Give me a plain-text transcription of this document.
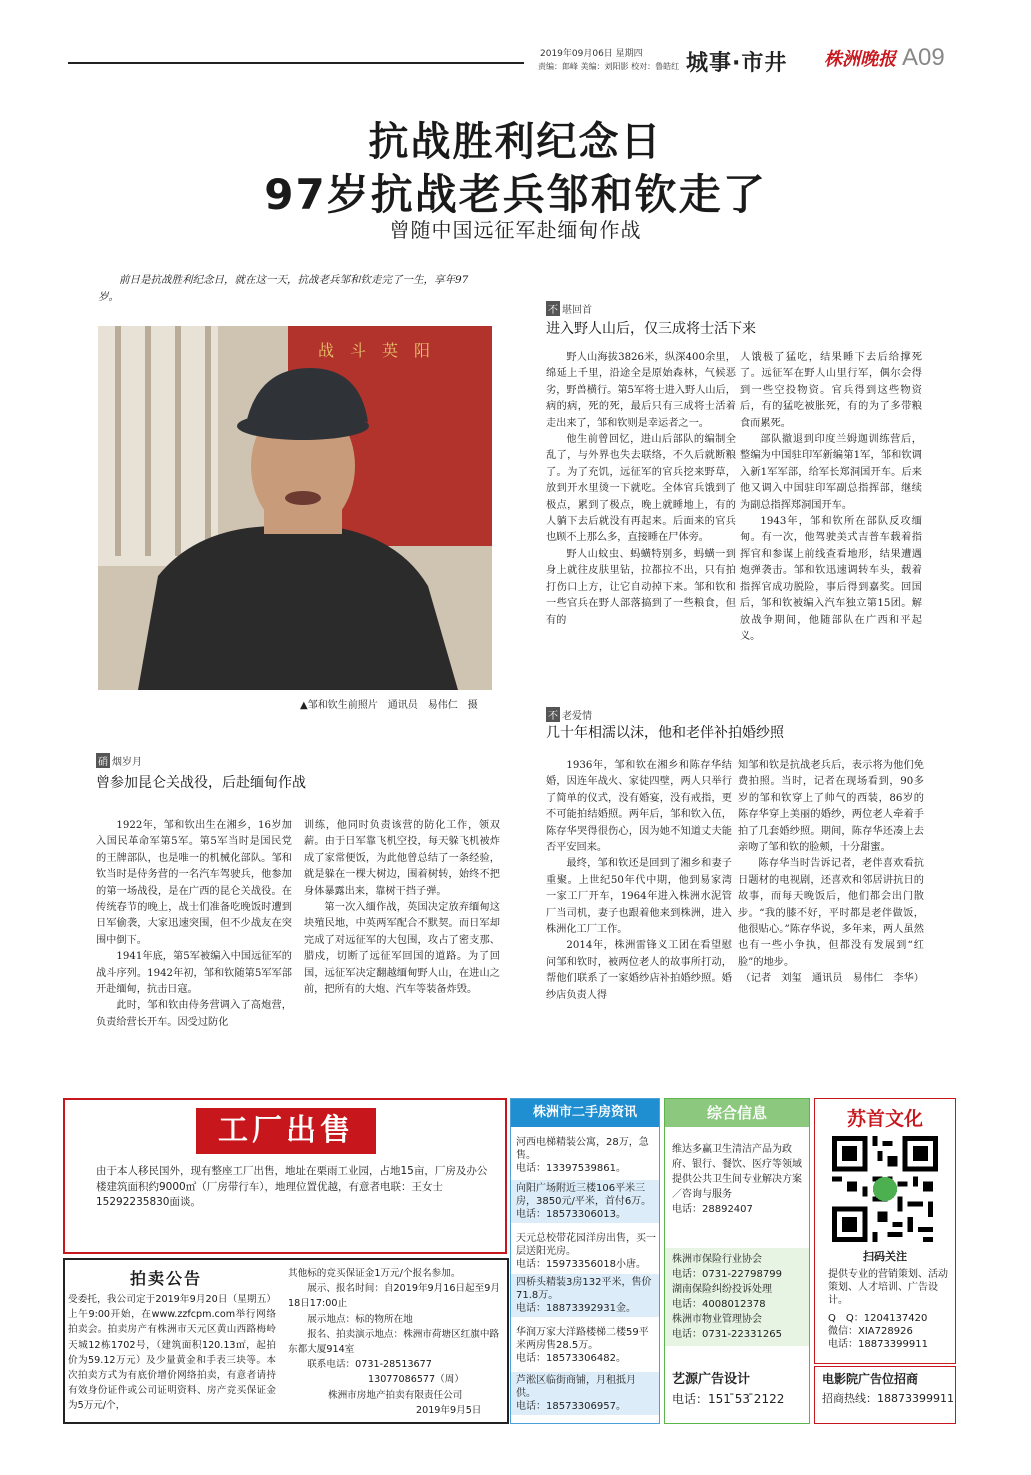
2019年09月06日 星期四
责编：郎峰 美编：刘阳影 校对：鲁皓红 城事·市井 株洲晚报 A09
抗战胜利纪念日
97岁抗战老兵邹和钦走了
曾随中国远征军赴缅甸作战
前日是抗战胜利纪念日，就在这一天，抗战老兵邹和钦走完了一生，享年97岁。
战　斗　英　阳
▲邹和钦生前照片　通讯员　易伟仁　摄
不 堪回首
进入野人山后，仅三成将士活下来

野人山海拔3826米，纵深400余里，绵延上千里，沿途全是原始森林，气候恶劣，野兽横行。第5军将士进入野人山后，病的病，死的死，最后只有三成将士活着走出来了，邹和钦则是幸运者之一。

他生前曾回忆，进山后部队的编制全乱了，与外界也失去联络，不久后就断粮了。为了充饥，远征军的官兵挖来野草，放到开水里烫一下就吃。全体官兵饿到了极点，累到了极点，晚上就睡地上，有的人躺下去后就没有再起来。后面来的官兵也顾不上那么多，直接睡在尸体旁。

野人山蚊虫、蚂蟥特别多，蚂蟥一到身上就往皮肤里钻，拉都拉不出，只有拍打伤口上方，让它自动掉下来。邹和钦和一些官兵在野人部落搞到了一些粮食，但有的

人饿极了猛吃，结果睡下去后给撑死了。远征军在野人山里行军，偶尔会得到一些空投物资。官兵得到这些物资后，有的猛吃被胀死，有的为了多带粮食而累死。

部队撤退到印度兰姆迦训练营后，整编为中国驻印军新编第1军，邹和钦调入新1军军部，给军长郑洞国开车。后来他又调入中国驻印军副总指挥部，继续为副总指挥郑洞国开车。

1943年，邹和钦所在部队反攻缅甸。有一次，他驾驶美式吉普车载着指挥官和参谋上前线查看地形，结果遭遇炮弹袭击。邹和钦迅速调转车头，载着指挥官成功脱险，事后得到嘉奖。回国后，邹和钦被编入汽车独立第15团。解放战争期间，他随部队在广西和平起义。

不 老爱情
几十年相濡以沫，他和老伴补拍婚纱照

1936年，邹和钦在湘乡和陈存华结婚，因连年战火、家徒四壁，两人只举行了简单的仪式，没有婚宴，没有戒指，更不可能拍结婚照。两年后，邹和钦入伍，陈存华哭得很伤心，因为她不知道丈夫能否平安回来。

最终，邹和钦还是回到了湘乡和妻子重聚。上世纪50年代中期，他到易家湾一家工厂开车，1964年进入株洲水泥管厂当司机，妻子也跟着他来到株洲，进入株洲化工厂工作。

2014年，株洲雷锋义工团在看望慰问邹和钦时，被两位老人的故事所打动，帮他们联系了一家婚纱店补拍婚纱照。婚纱店负责人得

知邹和钦是抗战老兵后，表示将为他们免费拍照。当时，记者在现场看到，90多岁的邹和钦穿上了帅气的西装，86岁的陈存华穿上美丽的婚纱，两位老人牵着手拍了几套婚纱照。期间，陈存华还凑上去亲吻了邹和钦的脸颊，十分甜蜜。

陈存华当时告诉记者，老伴喜欢看抗日题材的电视剧，还喜欢和邻居讲抗日的故事，而每天晚饭后，他们都会出门散步。“我的膝不好，平时都是老伴做饭，他很贴心。”陈存华说，多年来，两人虽然也有一些小争执，但都没有发展到“红脸”的地步。

（记者　刘玺　通讯员　易伟仁　李华）

硝 烟岁月
曾参加昆仑关战役，后赴缅甸作战

1922年，邹和钦出生在湘乡，16岁加入国民革命军第5军。第5军当时是国民党的王牌部队，也是唯一的机械化部队。邹和钦当时是侍务营的一名汽车驾驶兵，他参加的第一场战役，是在广西的昆仑关战役。在传统春节的晚上，战士们准备吃晚饭时遭到日军偷袭，大家迅速突围，但不少战友在突围中倒下。

1941年底，第5军被编入中国远征军的战斗序列。1942年初，邹和钦随第5军军部开赴缅甸，抗击日寇。

此时，邹和钦由侍务营调入了高炮营，负责给营长开车。因受过防化

训练，他同时负责该营的防化工作，领双薪。由于日军靠飞机空投，每天躲飞机被炸成了家常便饭，为此他曾总结了一条经验，就是躲在一棵大树边，围着树转，始终不把身体暴露出来，靠树干挡子弹。

第一次入缅作战，英国决定放弃缅甸这块殖民地，中英两军配合不默契。而日军却完成了对远征军的大包围，攻占了密支那、腊戍，切断了远征军回国的道路。为了回国，远征军决定翻越缅甸野人山，在进山之前，把所有的大炮、汽车等装备炸毁。

工厂出售
由于本人移民国外，现有整座工厂出售，地址在栗雨工业园，占地15亩，厂房及办公楼建筑面积约9000㎡（厂房带行车），地理位置优越，有意者电联：王女士15292235830面谈。
拍卖公告
受委托，我公司定于2019年9月20日（星期五）上午9:00开始，在www.zzfcpm.com举行网络拍卖会。拍卖房产有株洲市天元区黄山西路梅岭天城12栋1702号，（建筑面积120.13㎡，起拍价为59.12万元）及少量黄金和手表三块等。本次拍卖方式为有底价增价网络拍卖，有意者请持有效身份证件或公司证明资料、房产竞买保证金为5万元/个，
其他标的竞买保证金1万元/个报名参加。
展示、报名时间：自2019年9月16日起至9月18日17:00止
展示地点：标的物所在地
报名、拍卖演示地点：株洲市荷塘区红旗中路东都大厦914室
联系电话：0731-28513677
13077086577（周）
株洲市房地产拍卖有限责任公司
2019年9月5日
株洲市二手房资讯
河西电梯精装公寓，28万，急售。
电话：13397539861。
向阳广场附近三楼106平米三房，3850元/平米，首付6万。
电话：18573306013。
天元总校带花园洋房出售，买一层送阳光房。
电话：15973356018小唐。
四桥头精装3房132平米，售价71.8万。
电话：18873392931金。
华润万家大洋路楼梯二楼59平米两房售28.5万。
电话：18573306482。
芦淞区临街商铺，月租抵月供。
电话：18573306957。
综合信息
维达多赢卫生清洁产品为政府、银行、餐饮、医疗等领域提供公共卫生间专业解决方案／咨询与服务
电话：28892407
株洲市保险行业协会
电话：0731-22798799
湖南保险纠纷投诉处理
电话：4008012378
株洲市物业管理协会
电话：0731-22331265
艺源广告设计
电话：151 ̄53 ̄2122
苏首文化
扫码关注
提供专业的营销策划、活动策划、人才培训、广告设计。
Q　Q：1204137420
微信：XIA728926
电话：18873399911
电影院广告位招商
招商热线：18873399911
